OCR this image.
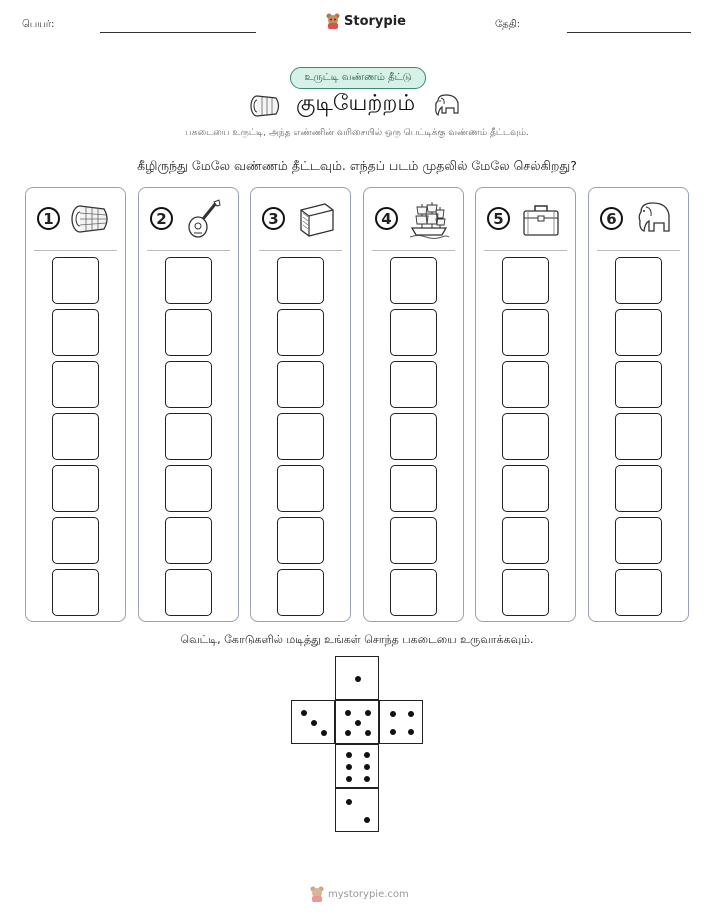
பெயர்:	Storypie	தேதி:
உருட்டி வண்ணம் தீட்டு
குடியேற்றம்
பகடையை உருட்டி, அந்த எண்ணின் வரிசையில் ஒரு பெட்டிக்கு வண்ணம் தீட்டவும்.
கீழிருந்து மேலே வண்ணம் தீட்டவும். எந்தப் படம் முதலில் மேலே செல்கிறது?
1	2	3	4	5	6
வெட்டி, கோடுகளில் மடித்து உங்கள் சொந்த பகடையை உருவாக்கவும்.
mystorypie.com
